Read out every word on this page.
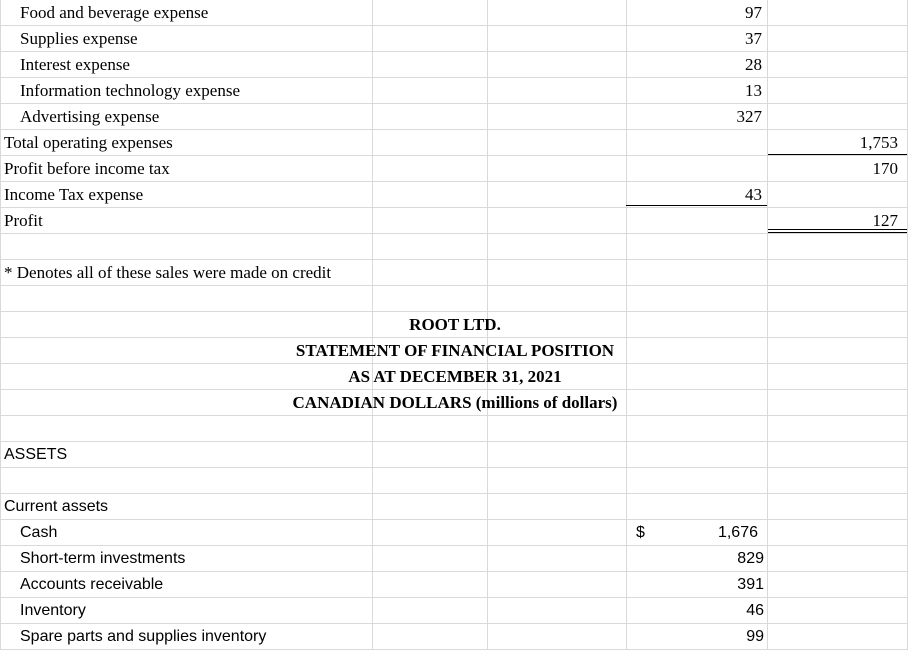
Food and beverage expense	97
Supplies expense	37
Interest expense	28
Information technology expense	13
Advertising expense	327
Total operating expenses	1,753
Profit before income tax	170
Income Tax expense	43
Profit	127
* Denotes all of these sales were made on credit
ROOT LTD.
STATEMENT OF FINANCIAL POSITION
AS AT DECEMBER 31, 2021
CANADIAN DOLLARS (millions of dollars)
ASSETS
Current assets
Cash	$	1,676
Short-term investments	829
Accounts receivable	391
Inventory	46
Spare parts and supplies inventory	99
